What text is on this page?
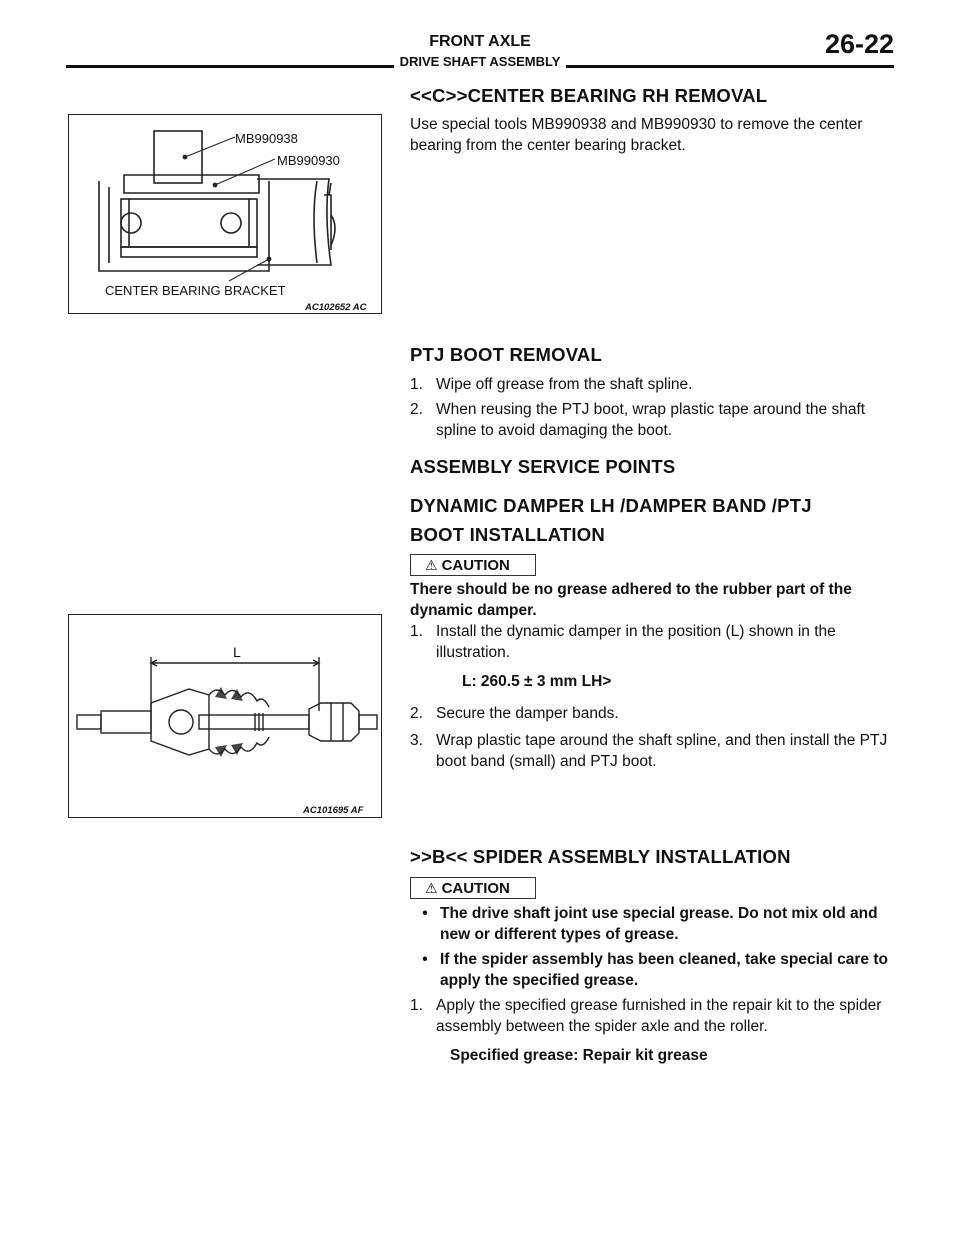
FRONT AXLE	26-22
DRIVE SHAFT ASSEMBLY
MB990938
MB990930
CENTER BEARING BRACKET
AC102652 AC
L
AC101695 AF
<<C>>CENTER BEARING RH REMOVAL

Use special tools MB990938 and MB990930 to remove the center bearing from the center bearing bracket.

PTJ BOOT REMOVAL
1. Wipe off grease from the shaft spline.
2. When reusing the PTJ boot, wrap plastic tape around the shaft spline to avoid damaging the boot.
ASSEMBLY SERVICE POINTS
DYNAMIC DAMPER LH /DAMPER BAND /PTJ
BOOT INSTALLATION
⚠ CAUTION

There should be no grease adhered to the rubber part of the dynamic damper.

1. Install the dynamic damper in the position (L) shown in the illustration.
L: 260.5 ± 3 mm LH>
2. Secure the damper bands.
3. Wrap plastic tape around the shaft spline, and then install the PTJ boot band (small) and PTJ boot.
>>B<< SPIDER ASSEMBLY INSTALLATION
⚠ CAUTION
• The drive shaft joint use special grease. Do not mix old and new or different types of grease.
• If the spider assembly has been cleaned, take special care to apply the specified grease.
1. Apply the specified grease furnished in the repair kit to the spider assembly between the spider axle and the roller.
Specified grease: Repair kit grease
